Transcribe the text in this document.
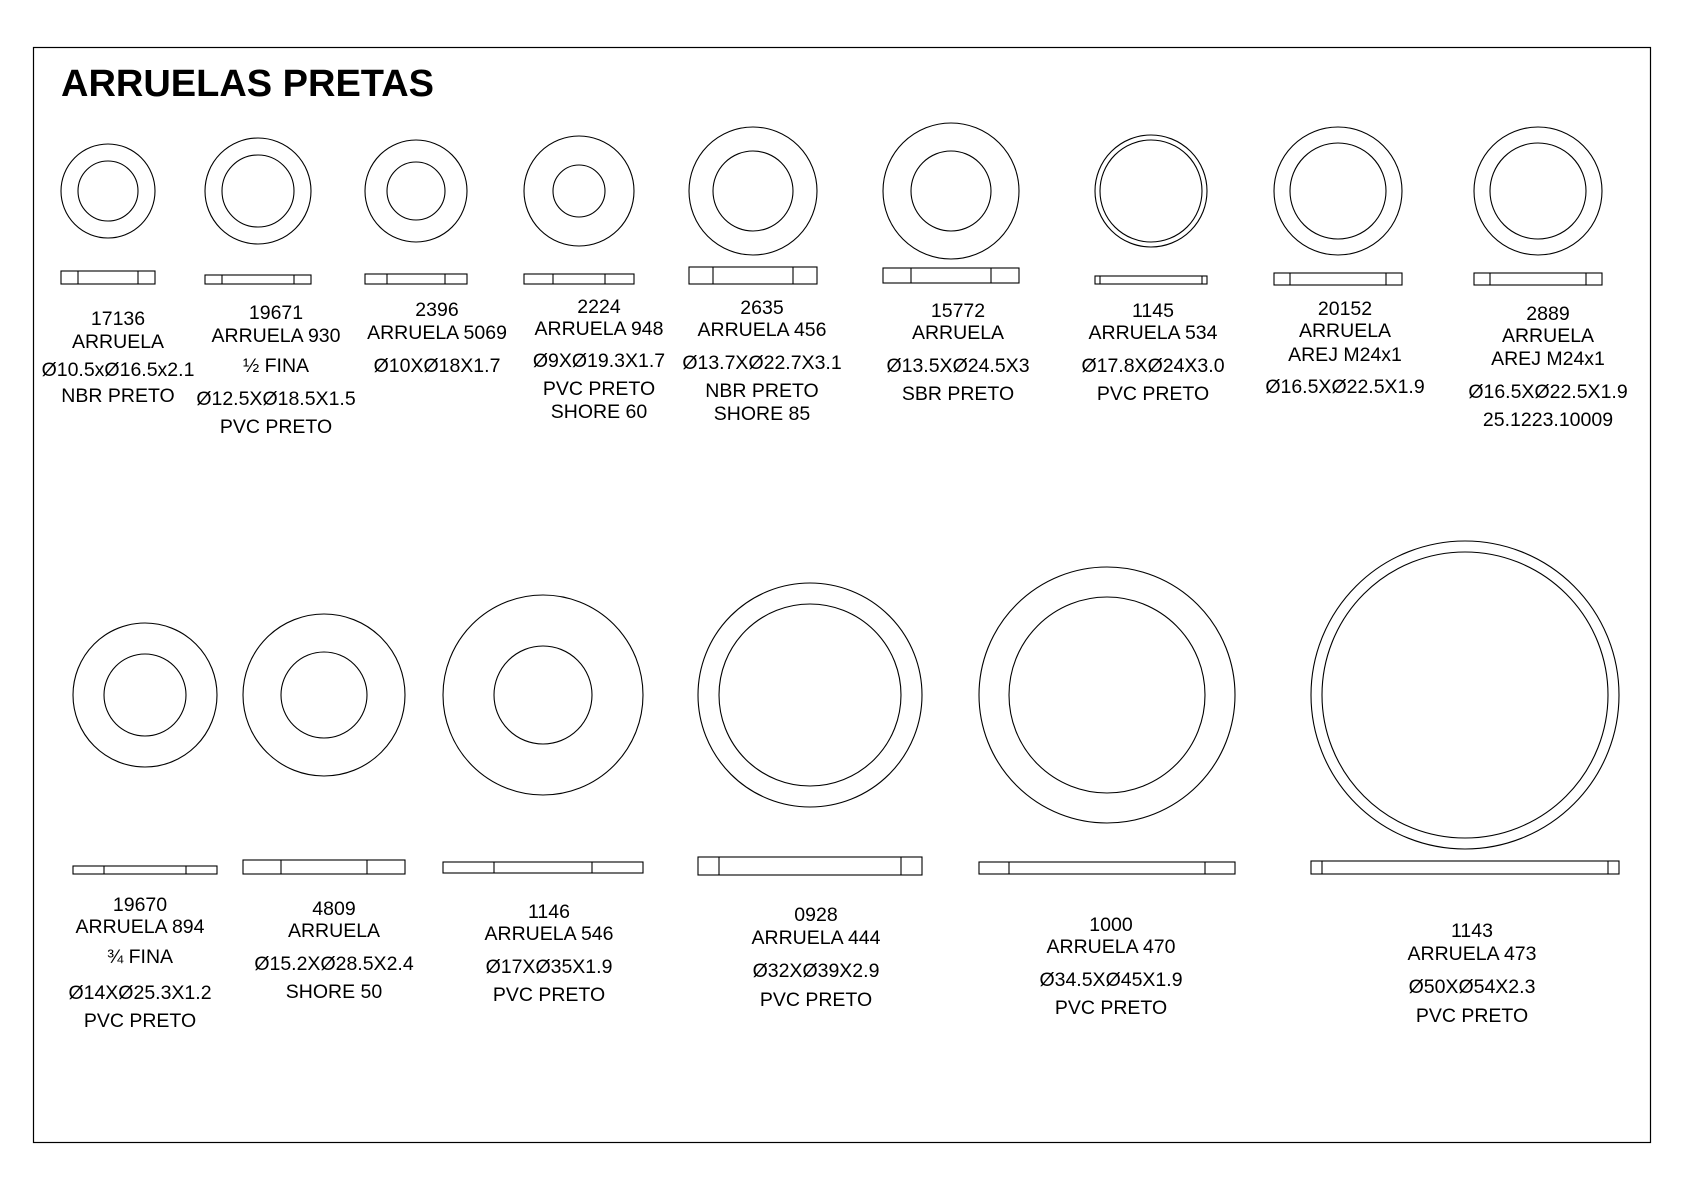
ARRUELAS PRETAS
17136
ARRUELA
Ø10.5xØ16.5x2.1
NBR PRETO
19671
ARRUELA 930
½ FINA
Ø12.5XØ18.5X1.5
PVC PRETO
2396
ARRUELA 5069
Ø10XØ18X1.7
2224
ARRUELA 948
Ø9XØ19.3X1.7
PVC PRETO
SHORE 60
2635
ARRUELA 456
Ø13.7XØ22.7X3.1
NBR PRETO
SHORE 85
15772
ARRUELA
Ø13.5XØ24.5X3
SBR PRETO
1145
ARRUELA 534
Ø17.8XØ24X3.0
PVC PRETO
20152
ARRUELA
AREJ M24x1
Ø16.5XØ22.5X1.9
2889
ARRUELA
AREJ M24x1
Ø16.5XØ22.5X1.9
25.1223.10009
19670
ARRUELA 894
¾ FINA
Ø14XØ25.3X1.2
PVC PRETO
4809
ARRUELA
Ø15.2XØ28.5X2.4
SHORE 50
1146
ARRUELA 546
Ø17XØ35X1.9
PVC PRETO
0928
ARRUELA 444
Ø32XØ39X2.9
PVC PRETO
1000
ARRUELA 470
Ø34.5XØ45X1.9
PVC PRETO
1143
ARRUELA 473
Ø50XØ54X2.3
PVC PRETO
